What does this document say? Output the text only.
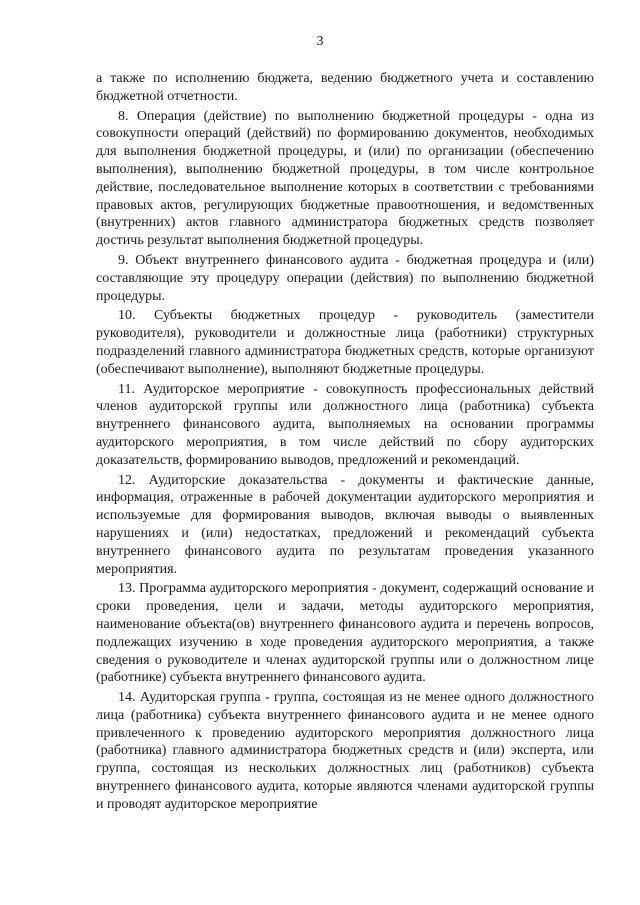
3

а также по исполнению бюджета, ведению бюджетного учета и составлению бюджетной отчетности.

8. Операция (действие) по выполнению бюджетной процедуры - одна из совокупности операций (действий) по формированию документов, необходимых для выполнения бюджетной процедуры, и (или) по организации (обеспечению выполнения), выполнению бюджетной процедуры, в том числе контрольное действие, последовательное выполнение которых в соответствии с требованиями правовых актов, регулирующих бюджетные правоотношения, и ведомственных (внутренних) актов главного администратора бюджетных средств позволяет достичь результат выполнения бюджетной процедуры.

9. Объект внутреннего финансового аудита - бюджетная процедура и (или) составляющие эту процедуру операции (действия) по выполнению бюджетной процедуры.

10. Субъекты бюджетных процедур - руководитель (заместители руководителя), руководители и должностные лица (работники) структурных подразделений главного администратора бюджетных средств, которые организуют (обеспечивают выполнение), выполняют бюджетные процедуры.

11. Аудиторское мероприятие - совокупность профессиональных действий членов аудиторской группы или должностного лица (работника) субъекта внутреннего финансового аудита, выполняемых на основании программы аудиторского мероприятия, в том числе действий по сбору аудиторских доказательств, формированию выводов, предложений и рекомендаций.

12. Аудиторские доказательства - документы и фактические данные, информация, отраженные в рабочей документации аудиторского мероприятия и используемые для формирования выводов, включая выводы о выявленных нарушениях и (или) недостатках, предложений и рекомендаций субъекта внутреннего финансового аудита по результатам проведения указанного мероприятия.

13. Программа аудиторского мероприятия - документ, содержащий основание и сроки проведения, цели и задачи, методы аудиторского мероприятия, наименование объекта(ов) внутреннего финансового аудита и перечень вопросов, подлежащих изучению в ходе проведения аудиторского мероприятия, а также сведения о руководителе и членах аудиторской группы или о должностном лице (работнике) субъекта внутреннего финансового аудита.

14. Аудиторская группа - группа, состоящая из не менее одного должностного лица (работника) субъекта внутреннего финансового аудита и не менее одного привлеченного к проведению аудиторского мероприятия должностного лица (работника) главного администратора бюджетных средств и (или) эксперта, или группа, состоящая из нескольких должностных лиц (работников) субъекта внутреннего финансового аудита, которые являются членами аудиторской группы и проводят аудиторское мероприятие
